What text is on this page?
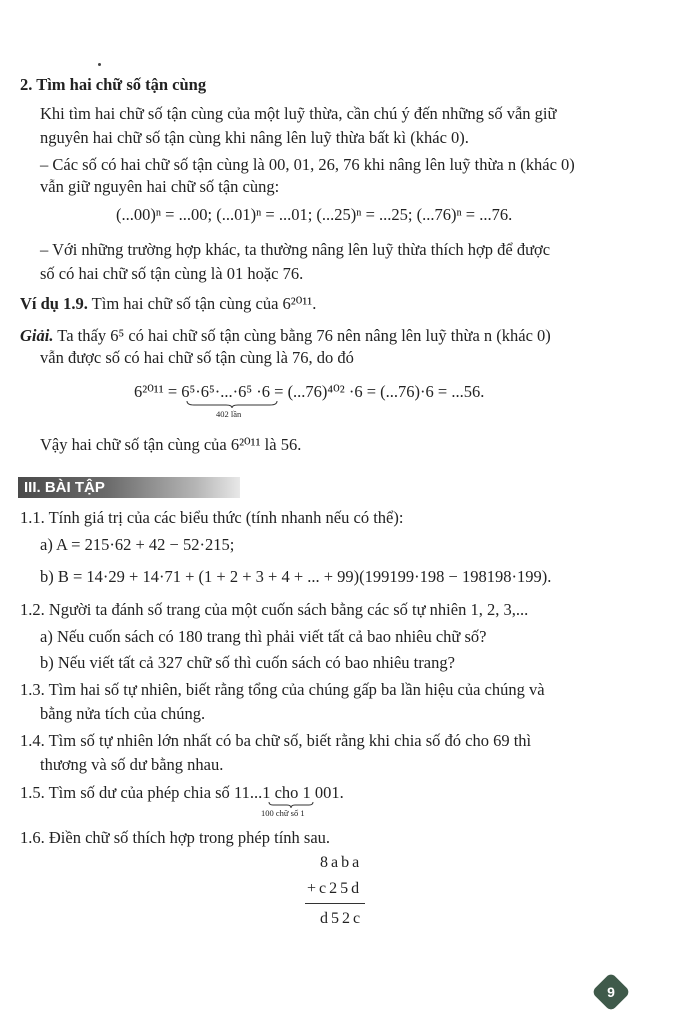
2. Tìm hai chữ số tận cùng
Khi tìm hai chữ số tận cùng của một luỹ thừa, cần chú ý đến những số vẫn giữ
nguyên hai chữ số tận cùng khi nâng lên luỹ thừa bất kì (khác 0).
– Các số có hai chữ số tận cùng là 00, 01, 26, 76 khi nâng lên luỹ thừa n (khác 0)
vẫn giữ nguyên hai chữ số tận cùng:
(...00)ⁿ = ...00; (...01)ⁿ = ...01; (...25)ⁿ = ...25; (...76)ⁿ = ...76.
– Với những trường hợp khác, ta thường nâng lên luỹ thừa thích hợp để được
số có hai chữ số tận cùng là 01 hoặc 76.
Ví dụ 1.9. Tìm hai chữ số tận cùng của 6²⁰¹¹.
Giải. Ta thấy 6⁵ có hai chữ số tận cùng bằng 76 nên nâng lên luỹ thừa n (khác 0)
vẫn được số có hai chữ số tận cùng là 76, do đó
6²⁰¹¹ = 6⁵·6⁵·...·6⁵ ·6 = (...76)⁴⁰² ·6 = (...76)·6 = ...56.
402 lần
Vậy hai chữ số tận cùng của 6²⁰¹¹ là 56.
III. BÀI TẬP
1.1. Tính giá trị của các biểu thức (tính nhanh nếu có thể):
a) A = 215·62 + 42 − 52·215;
b) B = 14·29 + 14·71 + (1 + 2 + 3 + 4 + ... + 99)(199199·198 − 198198·199).
1.2. Người ta đánh số trang của một cuốn sách bằng các số tự nhiên 1, 2, 3,...
a) Nếu cuốn sách có 180 trang thì phải viết tất cả bao nhiêu chữ số?
b) Nếu viết tất cả 327 chữ số thì cuốn sách có bao nhiêu trang?
1.3. Tìm hai số tự nhiên, biết rằng tổng của chúng gấp ba lần hiệu của chúng và
bằng nửa tích của chúng.
1.4. Tìm số tự nhiên lớn nhất có ba chữ số, biết rằng khi chia số đó cho 69 thì
thương và số dư bằng nhau.
1.5. Tìm số dư của phép chia số 11...1 cho 1 001.
100 chữ số 1
1.6. Điền chữ số thích hợp trong phép tính sau.
8aba
+c25d
d52c
9
